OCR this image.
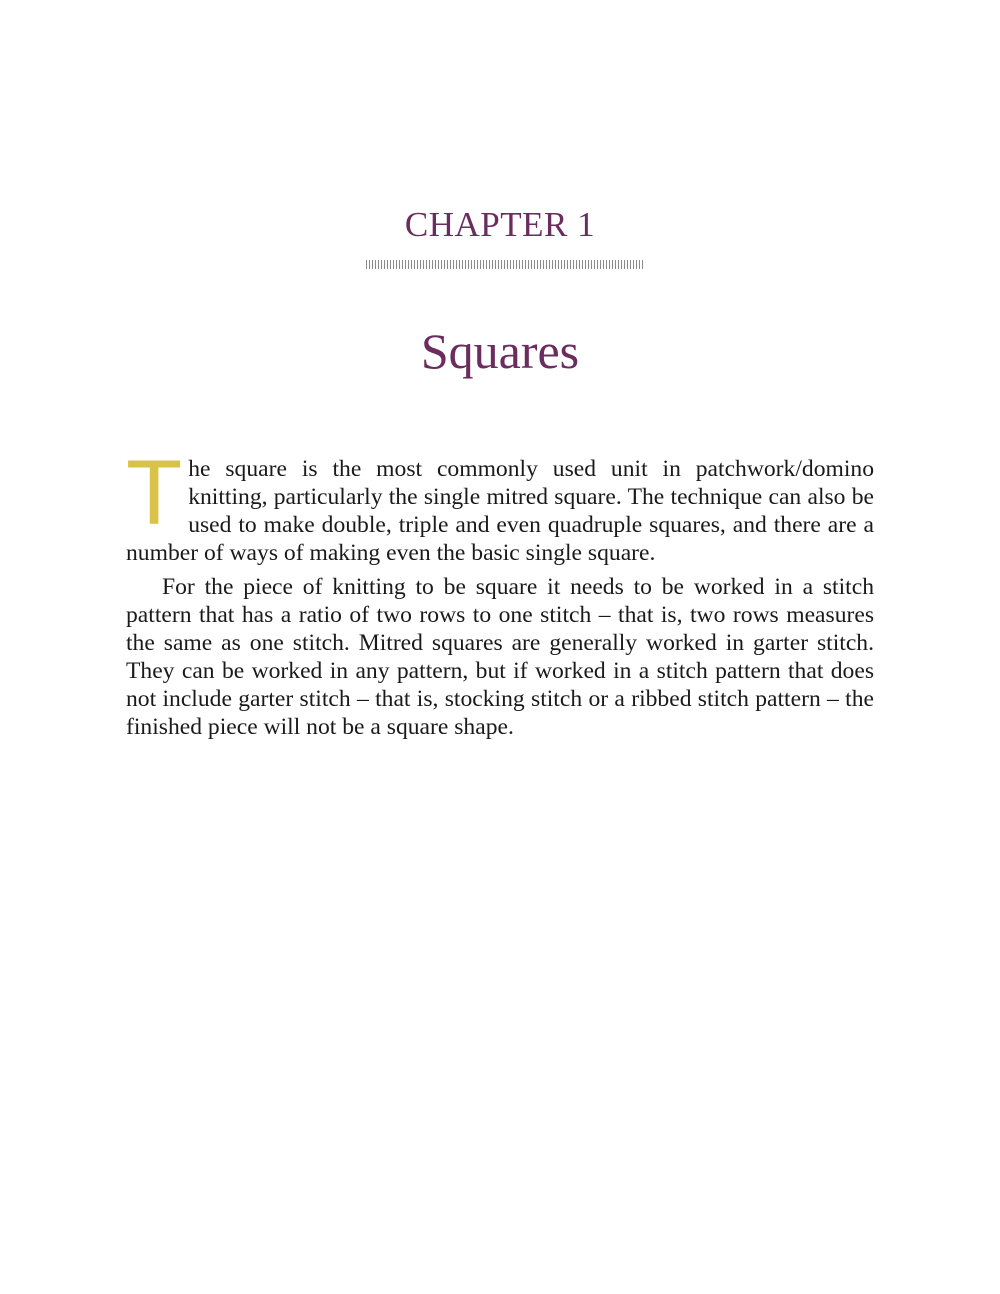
CHAPTER 1
Squares

The square is the most commonly used unit in patchwork/domino knitting, particularly the single mitred square. The technique can also be used to make double, triple and even quadruple squares, and there are a number of ways of making even the basic single square.

For the piece of knitting to be square it needs to be worked in a stitch pattern that has a ratio of two rows to one stitch – that is, two rows measures the same as one stitch. Mitred squares are generally worked in garter stitch. They can be worked in any pattern, but if worked in a stitch pattern that does not include garter stitch – that is, stocking stitch or a ribbed stitch pattern – the finished piece will not be a square shape.
